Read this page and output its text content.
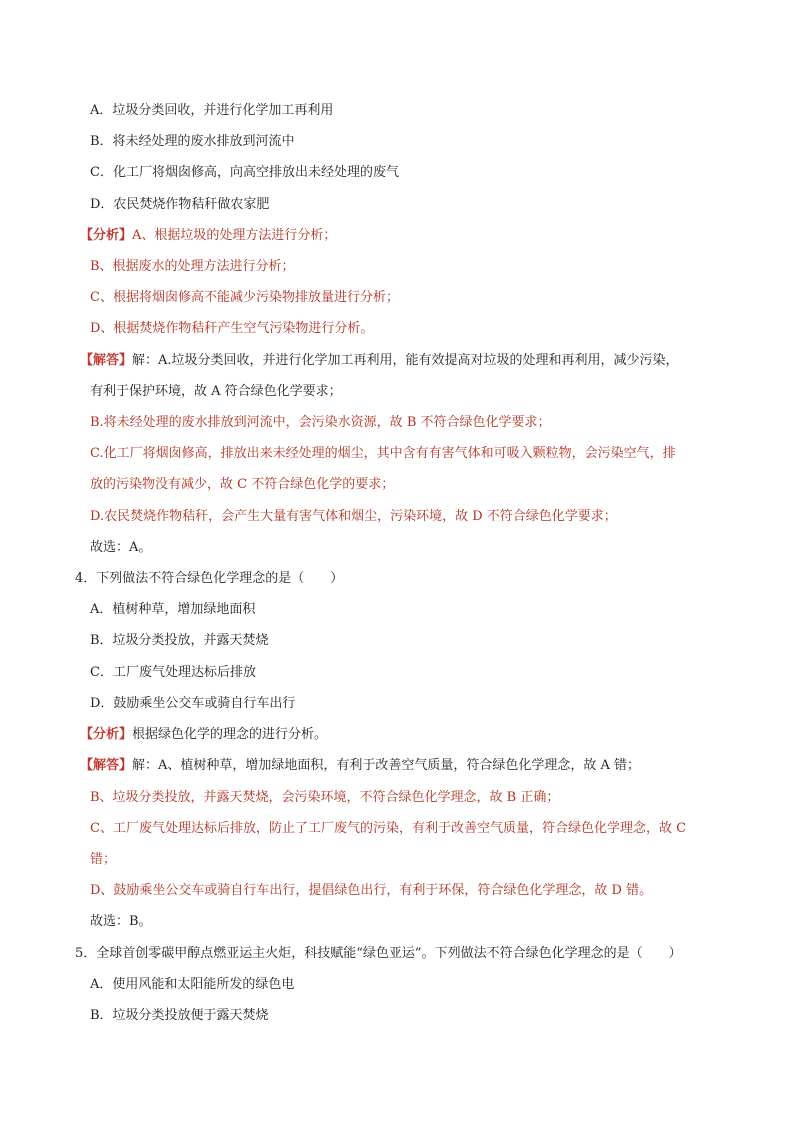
A．垃圾分类回收，并进行化学加工再利用
B．将未经处理的废水排放到河流中
C．化工厂将烟囱修高，向高空排放出未经处理的废气
D．农民焚烧作物秸秆做农家肥
【分析】A、根据垃圾的处理方法进行分析；
B、根据废水的处理方法进行分析；
C、根据将烟囱修高不能减少污染物排放量进行分析；
D、根据焚烧作物秸秆产生空气污染物进行分析。
【解答】解：A.垃圾分类回收，并进行化学加工再利用，能有效提高对垃圾的处理和再利用，减少污染，
有利于保护环境，故 A 符合绿色化学要求；
B.将未经处理的废水排放到河流中，会污染水资源，故 B 不符合绿色化学要求；
C.化工厂将烟囱修高，排放出来未经处理的烟尘，其中含有有害气体和可吸入颗粒物，会污染空气，排
放的污染物没有减少，故 C 不符合绿色化学的要求；
D.农民焚烧作物秸秆，会产生大量有害气体和烟尘，污染环境，故 D 不符合绿色化学要求；
故选：A。
4．下列做法不符合绿色化学理念的是（　　）
A．植树种草，增加绿地面积
B．垃圾分类投放，并露天焚烧
C．工厂废气处理达标后排放
D．鼓励乘坐公交车或骑自行车出行
【分析】根据绿色化学的理念的进行分析。
【解答】解：A、植树种草，增加绿地面积，有利于改善空气质量，符合绿色化学理念，故 A 错；
B、垃圾分类投放，并露天焚烧，会污染环境，不符合绿色化学理念，故 B 正确；
C、工厂废气处理达标后排放，防止了工厂废气的污染，有利于改善空气质量，符合绿色化学理念，故 C
错；
D、鼓励乘坐公交车或骑自行车出行，提倡绿色出行，有利于环保，符合绿色化学理念，故 D 错。
故选：B。
5．全球首创零碳甲醇点燃亚运主火炬，科技赋能“绿色亚运”。下列做法不符合绿色化学理念的是（　　）
A．使用风能和太阳能所发的绿色电
B．垃圾分类投放便于露天焚烧
